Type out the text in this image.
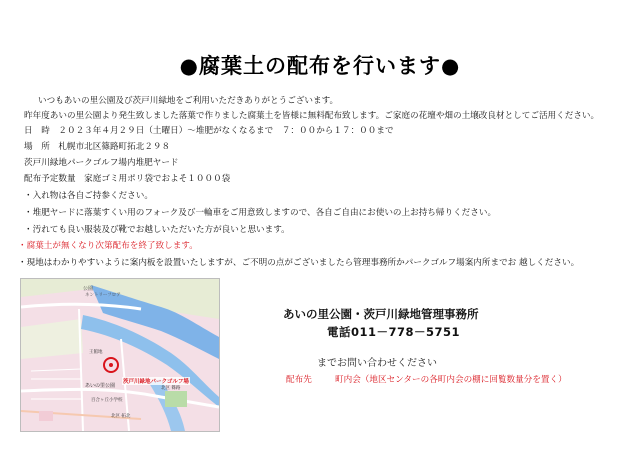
●腐葉土の配布を行います●
いつもあいの里公園及び茨戸川緑地をご利用いただきありがとうございます。
昨年度あいの里公園より発生致しました落葉で作りました腐葉土を皆様に無料配布致します。ご家庭の花壇や畑の土壌改良材としてご活用ください。
日　時　２０２３年４月２９日（土曜日）～堆肥がなくなるまで　７：００から１７：００まで
場　所　札幌市北区篠路町拓北２９８
茨戸川緑地パークゴルフ場内堆肥ヤード
配布予定数量　家庭ゴミ用ポリ袋でおよそ１０００袋
・入れ物は各自ご持参ください。
・堆肥ヤードに落葉すくい用のフォーク及び一輪車をご用意致しますので、各自ご自由にお使いの上お持ち帰りください。
・汚れても良い服装及び靴でお越しいただいた方が良いと思います。
・腐葉土が無くなり次第配布を終了致します。
・現地はわかりやすいように案内板を設置いたしますが、ご不明の点がございましたら管理事務所かパークゴルフ場案内所までお 越しください。
公園
ネントリーフロア
王館地
あいの里公園
百合ヶ丘小学校
北区 篠路
北区 拓北
茨戸川緑地パークゴルフ場
あいの里公園・茨戸川緑地管理事務所
電話011－778－5751
までお問い合わせください
配布先	町内会（地区センターの各町内会の棚に回覧数量分を置く）
